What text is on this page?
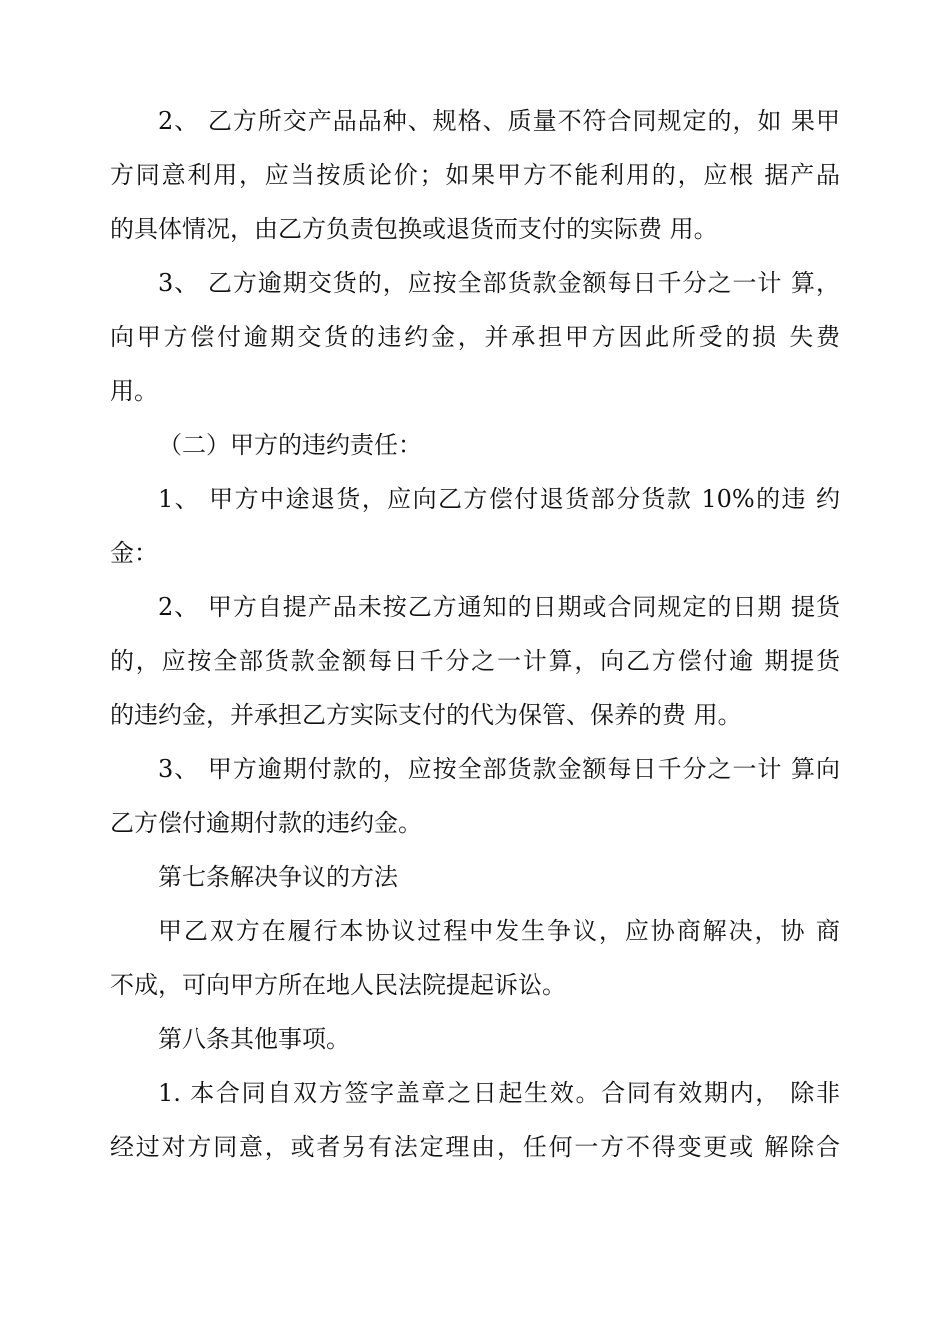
2、 乙方所交产品品种、规格、质量不符合同规定的，如 果甲
方同意利用，应当按质论价；如果甲方不能利用的，应根 据产品
的具体情况，由乙方负责包换或退货而支付的实际费 用。
3、 乙方逾期交货的，应按全部货款金额每日千分之一计 算，
向甲方偿付逾期交货的违约金，并承担甲方因此所受的损 失费
用。
（二）甲方的违约责任：
1、 甲方中途退货，应向乙方偿付退货部分货款 10%的违 约
金：
2、 甲方自提产品未按乙方通知的日期或合同规定的日期 提货
的，应按全部货款金额每日千分之一计算，向乙方偿付逾 期提货
的违约金，并承担乙方实际支付的代为保管、保养的费 用。
3、 甲方逾期付款的，应按全部货款金额每日千分之一计 算向
乙方偿付逾期付款的违约金。
第七条解决争议的方法
甲乙双方在履行本协议过程中发生争议，应协商解决，协 商
不成，可向甲方所在地人民法院提起诉讼。
第八条其他事项。
1. 本合同自双方签字盖章之日起生效。合同有效期内， 除非
经过对方同意，或者另有法定理由，任何一方不得变更或 解除合
